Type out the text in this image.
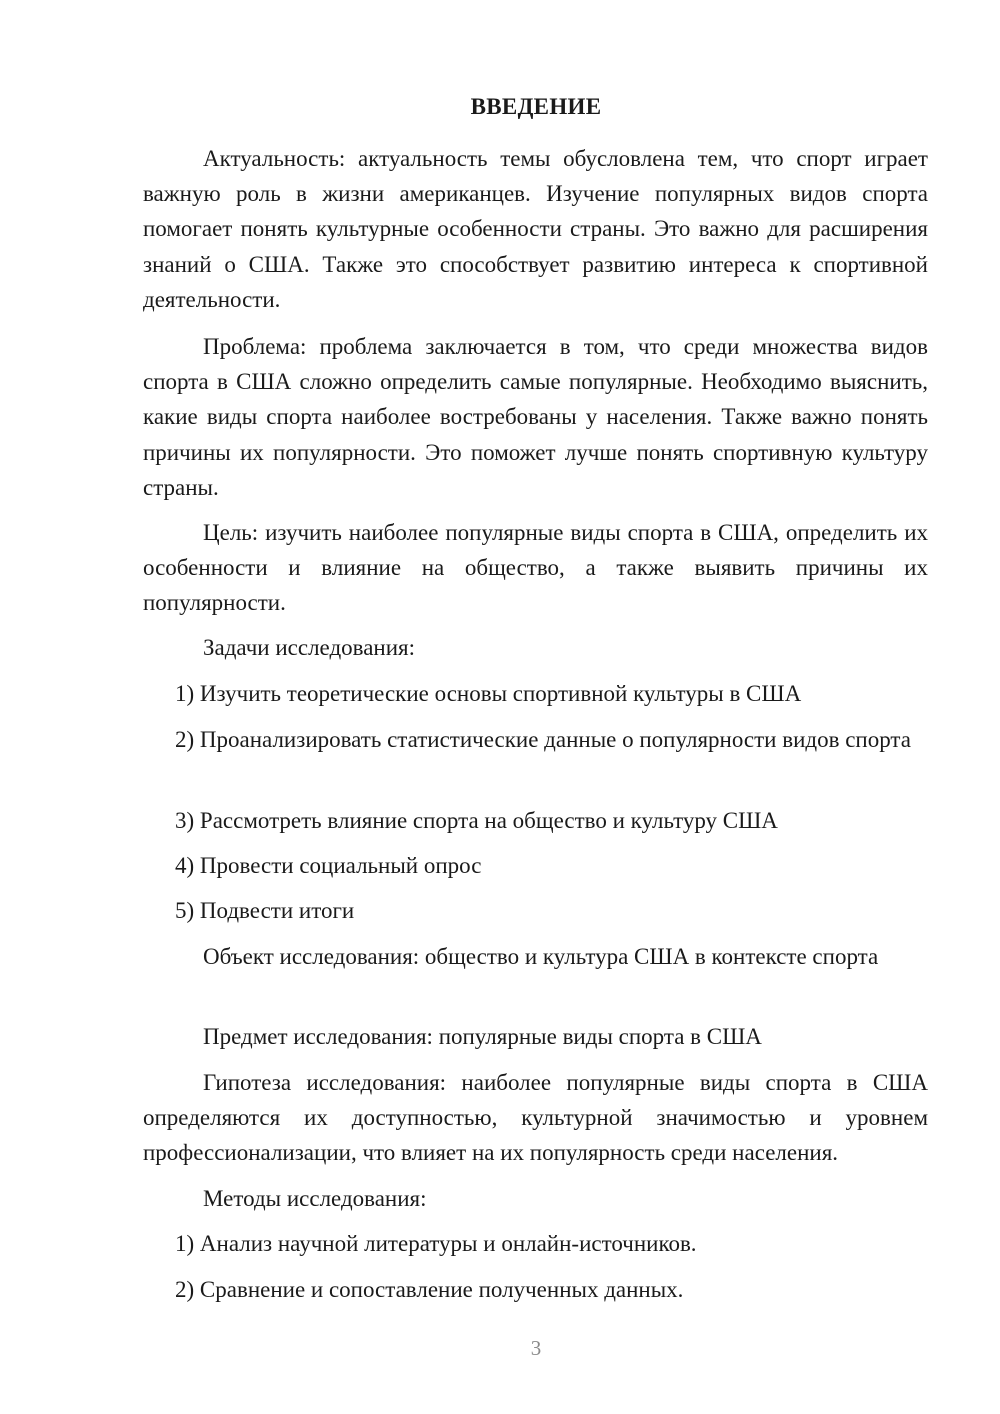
ВВЕДЕНИЕ

Актуальность: актуальность темы обусловлена тем, что спорт играет важную роль в жизни американцев. Изучение популярных видов спорта помогает понять культурные особенности страны. Это важно для расширения знаний о США. Также это способствует развитию интереса к спортивной деятельности.

Проблема: проблема заключается в том, что среди множества видов спорта в США сложно определить самые популярные. Необходимо выяснить, какие виды спорта наиболее востребованы у населения. Также важно понять причины их популярности. Это поможет лучше понять спортивную культуру страны.

Цель: изучить наиболее популярные виды спорта в США, определить их особенности и влияние на общество, а также выявить причины их популярности.

Задачи исследования:

1) Изучить теоретические основы спортивной культуры в США

2) Проанализировать статистические данные о популярности видов спорта

3) Рассмотреть влияние спорта на общество и культуру США

4) Провести социальный опрос

5) Подвести итоги

Объект исследования: общество и культура США в контексте спорта

Предмет исследования: популярные виды спорта в США

Гипотеза исследования: наиболее популярные виды спорта в США определяются их доступностью, культурной значимостью и уровнем профессионализации, что влияет на их популярность среди населения.

Методы исследования:

1) Анализ научной литературы и онлайн-источников.

2) Сравнение и сопоставление полученных данных.

3
